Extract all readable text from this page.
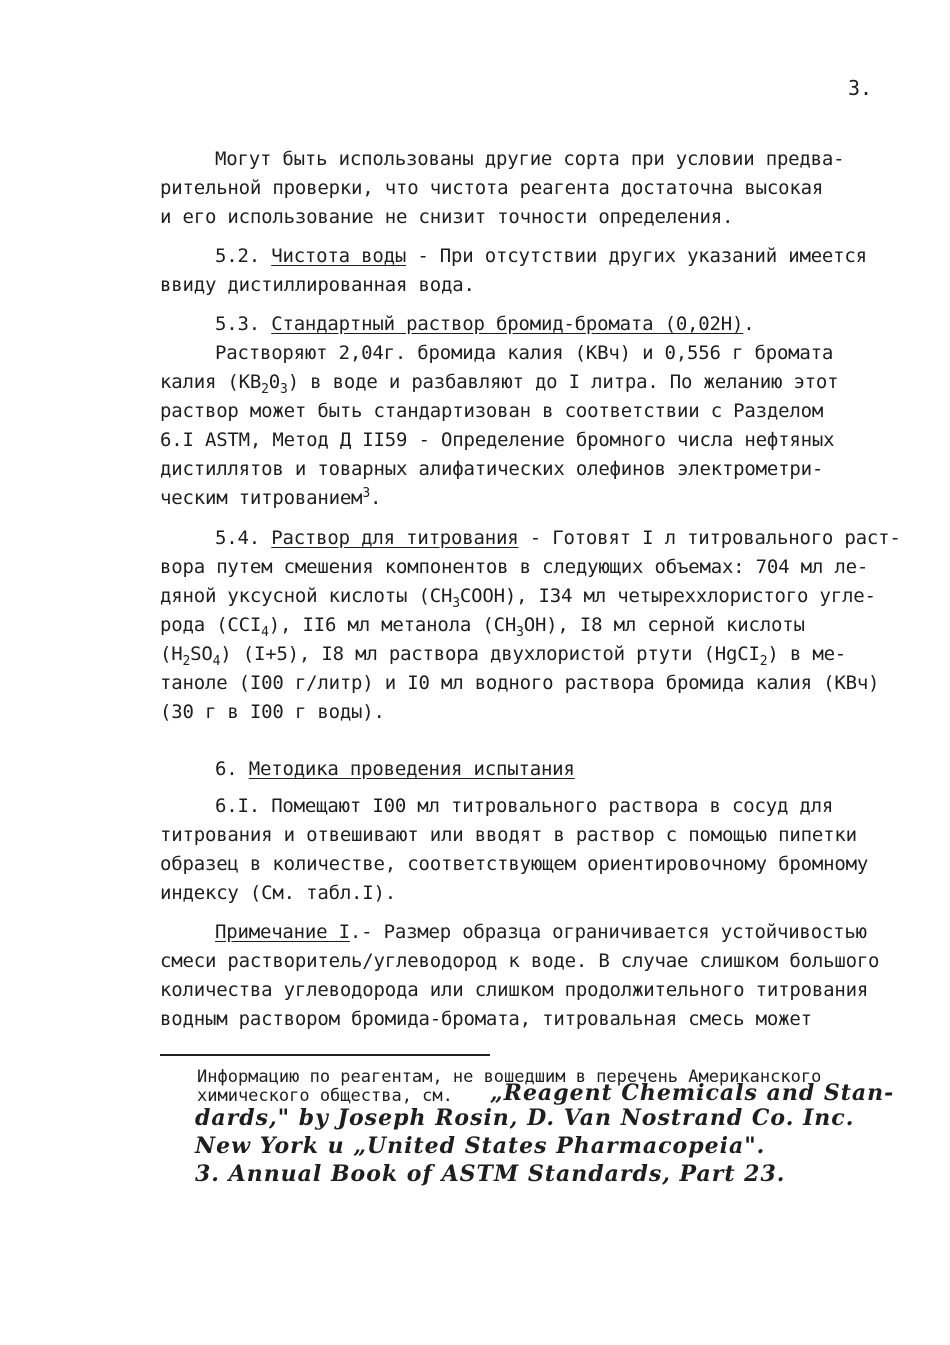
3.
Могут быть использованы другие сорта при условии предва-
рительной проверки, что чистота реагента достаточна высокая
и его использование не снизит точности определения.
5.2. Чистота воды - При отсутствии других указаний имеется
ввиду дистиллированная вода.
5.3. Стандартный раствор бромид-бромата (0,02Н).
Растворяют 2,04г. бромида калия (КВч) и 0,556 г бромата
калия $(КВ_20_3)$ в воде и разбавляют до I литра. По желанию этот
раствор может быть стандартизован в соответствии с Разделом
6.I ASTM, Метод Д II59 - Определение бромного числа нефтяных
дистиллятов и товарных алифатических олефинов электрометри-
ческим титрованием$^3$.
5.4. Раствор для титрования - Готовят I л титровального раст-
вора путем смешения компонентов в следующих объемах: 704 мл ле-
дяной уксусной кислоты $(СН_3СООН)$, I34 мл четыреххлористого угле-
рода $(ССI_4)$, II6 мл метанола $(СН_3ОН)$, I8 мл серной кислоты
$(Н_2SО_4)$ (I+5), I8 мл раствора двухлористой ртути (НgCI$_2$) в ме-
таноле (I00 г/литр) и I0 мл водного раствора бромида калия (КВч)
(30 г в I00 г воды).
6. Методика проведения испытания
6.I. Помещают I00 мл титровального раствора в сосуд для
титрования и отвешивают или вводят в раствор с помощью пипетки
образец в количестве, соответствующем ориентировочному бромному
индексу (См. табл.I).
Примечание I.- Размер образца ограничивается устойчивостью
смеси растворитель/углеводород к воде. В случае слишком большого
количества углеводорода или слишком продолжительного титрования
водным раствором бромида-бромата, титровальная смесь может
Информацию по реагентам, не вошедшим в перечень Американского
химического общества, см. „Reagent Chemicals and Stan-
dards," by Joseph Rosin, D. Van Nostrand Co. Inc.
New York и „United States Pharmacopeia".
3. Annual Book of ASTM Standards, Part 23.
